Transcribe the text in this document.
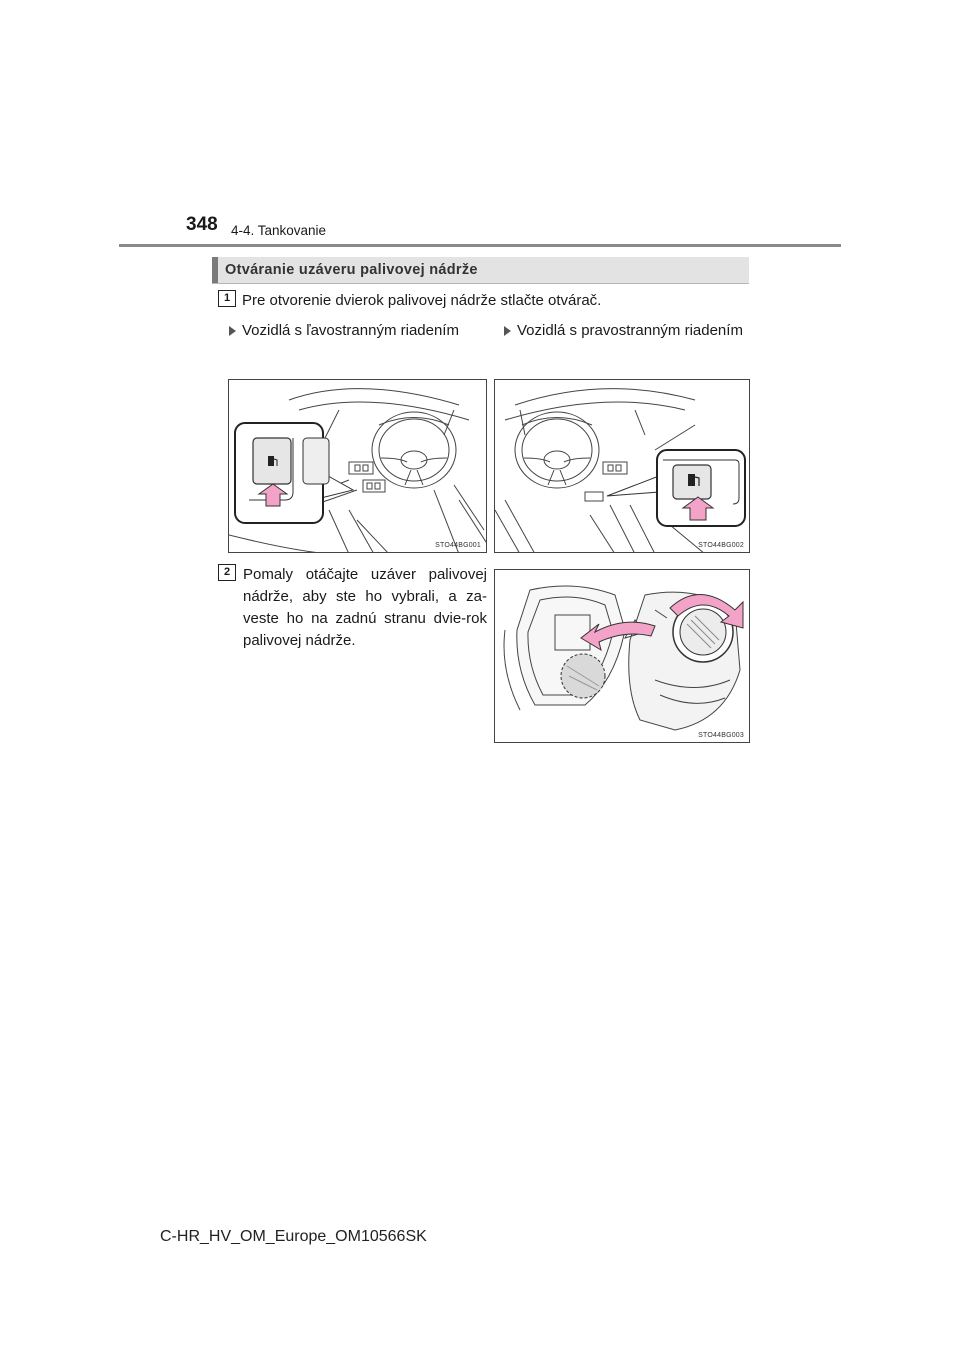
348 4-4. Tankovanie
Otváranie uzáveru palivovej nádrže
1 Pre otvorenie dvierok palivovej nádrže stlačte otvárač.
Vozidlá s ľavostranným riadením	Vozidlá s pravostranným riadením
STO44BG001	STO44BG002
2 Pomaly otáčajte uzáver palivovej nádrže, aby ste ho vybrali, a za-veste ho na zadnú stranu dvie-rok palivovej nádrže.
STO44BG003
C-HR_HV_OM_Europe_OM10566SK
